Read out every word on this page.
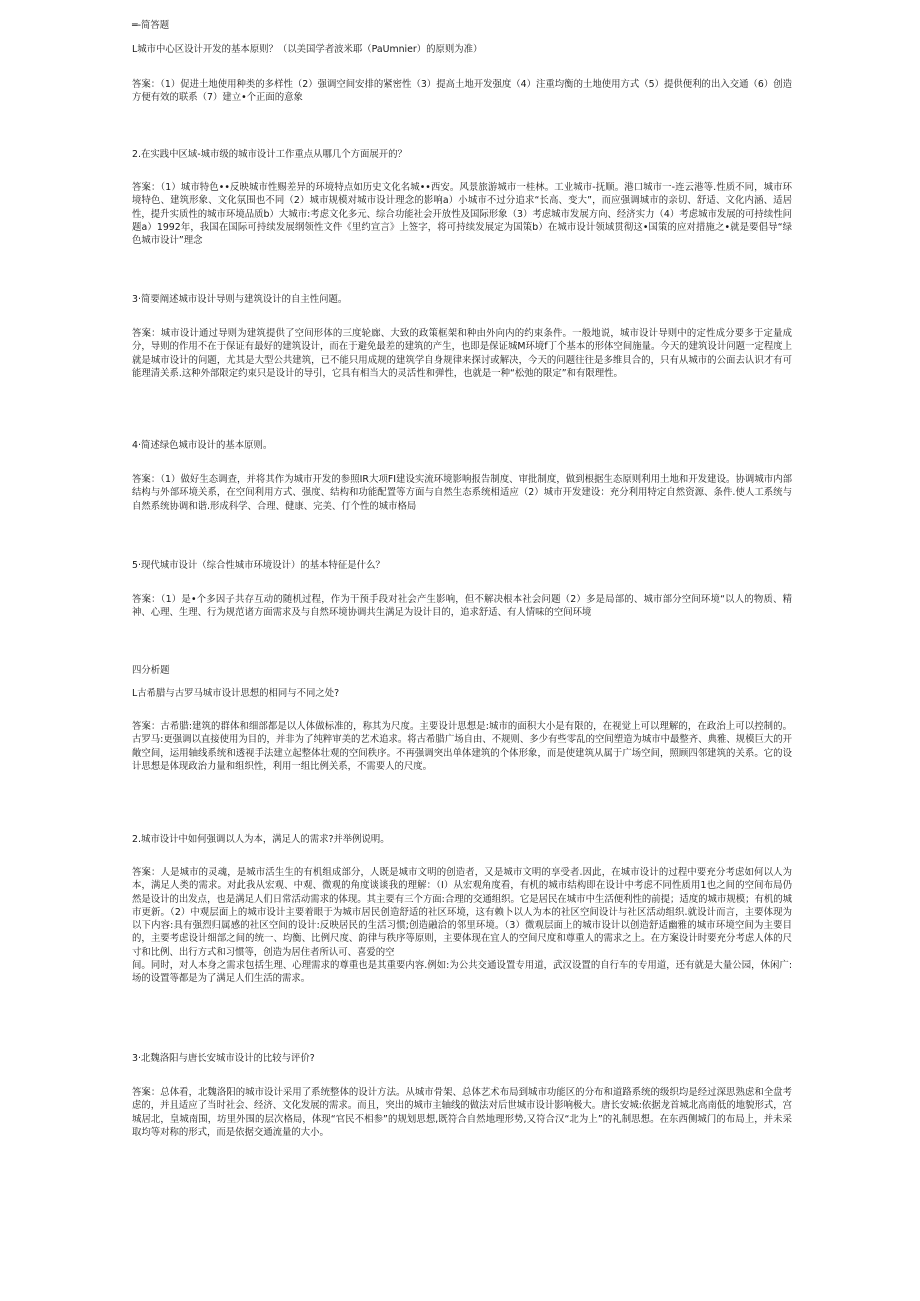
═-简答题

L城市中心区设计开发的基本原则？（以美国学者波米耶（PaUmnier）的原则为准）

答案：（1）促进土地使用种类的多样性（2）强调空间安排的紧密性（3）提高土地开发强度（4）注重均衡的土地使用方式（5）提供便利的出入交通（6）创造方便有效的联系（7）建立•个正面的意象

2.在实践中区域-城市级的城市设计工作重点从哪几个方面展开的？

答案：（1）城市特色••反映城市性赐差异的环境特点如历史文化名城••西安。风景旅游城市一桂林。工业城市-抚顺。港口城市一-连云港等.性质不同，城市环境特色、建筑形象、文化氛围也不同（2）城市规模对城市设计理念的影响a）小城市不过分追求“长高、变大”，而应强调城市的亲切、舒适、文化内涵、适居性，提升实质性的城市环境品质b）大城市:考虑文化多元、综合功能社会开放性及国际形象（3）考虑城市发展方向、经济实力（4）考虑城市发展的可持续性问题a）1992年，我国在国际可持续发展纲领性文件《里约宣言》上签字，将可持续发展定为国策b）在城市设计领域贯彻这•国策的应对措施之•就是要倡导“绿色城市设计”理念

3·简要阐述城市设计导则与建筑设计的自主性问题。

答案：城市设计通过导则为建筑提供了空间形体的三度轮廊、大致的政策框架和种由外向内的约束条件。一般地说，城市设计导则中的定性成分要多于定量成分，导则的作用不在于保证有最好的建筑设计，而在于避免最差的建筑的产生，也即是保证城M环境f丁个基本的形体空间施量。今天的建筑设计问题一定程度上就是城市设计的问题，尤其是大型公共建筑，已不能只用成规的建筑学自身规律来探讨或解决，今天的问题往往是多维貝合的，只有从城市的公面去认识才有可能理清关系.这种外部限定约束只是设计的导引，它具有相当大的灵活性和弹性，也就是一种“松弛的限定”和有限理性。

4·简述绿色城市设计的基本原则。

答案：（1）做好生态调查，并将其作为城市开发的参照IR大项FI建设实流环境影响报告制度、审批制度，做到根据生态原则利用土地和开发建设。协调城市内部结构与外部环境关系，在空间利用方式、强度、结构和功能配置等方面与自然生态系统相适应（2）城市开发建设：充分利用特定自然资源、条件.使人工系统与自然系统协调和谐.形成科学、合理、健康、完美、仃个性的城市格局

5·现代城市设计（综合性城市环境设计）的基本特征是什么？

答案：（1）是•个多因子共存互动的随机过程，作为干预手段对社会产生影响，但不解决根本社会问题（2）多是局部的、城市部分空间环境“以人的物质、精神、心理、生理、行为规范诸方面需求及与自然环境协调共生满足为设计目的，追求舒适、有人情味的空间环境

四分析题

L古希腊与古罗马城市设计思想的相同与不同之处?

答案：古希腊:建筑的群体和细部都是以人体做标准的，称其为尺度。主要设计思想是:城市的面积大小是有限的，在视觉上可以理解的，在政治上可以控制的。古罗马:更强调以直接使用为目的，并非为了纯粹审美的艺术追求。将古希腊广场自由、不规则、多少有些零乱的空间塑造为城市中最整齐、典雅、规模巨大的开敞空间，运用轴线系统和透视手法建立起整体壮观的空间秩序。不再强调突出单体建筑的个体形象，而是使建筑从属于广场空间，照顾四邻建筑的关系。它的设计思想是体现政治力量和组织性，利用一组比例关系，不需要人的尺度。

2.城市设计中如何强调以人为本，满足人的需求?并举例说明。

答案：人是城市的灵魂，是城市活生生的有机组成部分，人既是城市文明的创造者，又是城市文明的享受者.因此，在城市设计的过程中要充分考虑如何以人为本，满足人类的需求。对此我从宏观、中观、微观的角度谈谈我的理解：（I）从宏观角度看，有机的城市结构即在设计中考虑不同性质用1也之间的空间布局仍然是设计的出发点，也是满足人们日常活动需求的体现。其主要有三个方面:合理的交通组织。它是居民在城市中生活便利性的前提；适度的城市规模；有机的城市更新。（2）中观层面上的城市设计主要着眼于为城市居民创造舒适的社区环境，这有赖卜以人为本的社区空间设计与社区活动组织.就设计而言，主要体现为以下内容:具有强烈归属感的社区空间的设计:反映居民的生活习惯;创造融洽的邻里环境。（3）微观层面上的城市设计以创造舒适幽雅的城市环境空间为主要目的，主要考虑设计细部之间的统一、均衡、比例尺度、韵律与秩序等原则，主要体现在宜人的空间尺度和尊重人的需求之上。在方案设计时要充分考虑人体的尺寸和比例、出行方式和习惯等，创造为居住者所认可、喜爱的空
间。同时，对人本身之需求包括生理、心理需求的尊重也是其重要内容.例如:为公共交通设置专用道，武汉设置的自行车的专用道，还有就是大量公园，休闲广:场的设置等都是为了满足人们生活的需求。

3·北魏洛阳与唐长安城市设计的比较与评价?

答案：总体看，北魏洛阳的城市设计采用了系统整体的设计方法。从城市骨架、总体艺术布局到城市功能区的分布和道路系统的级织均是经过深思熟虑和全盘考虑的，并且适应了当时社会、经济、文化发展的需求。而且，突出的城市主轴线的做法对后世城市设计影响极大。唐长安城:依据龙首城北高南低的地貌形式，宫城居北，皇城南围，坊里外围的层次格局，体现“官民不相参”的规划思想,既符合自然地理形势,又符合汉“北为上”的礼制思想。在东西侧城门的布局上，并未采取均等对称的形式，而是依据交通流量的大小。
